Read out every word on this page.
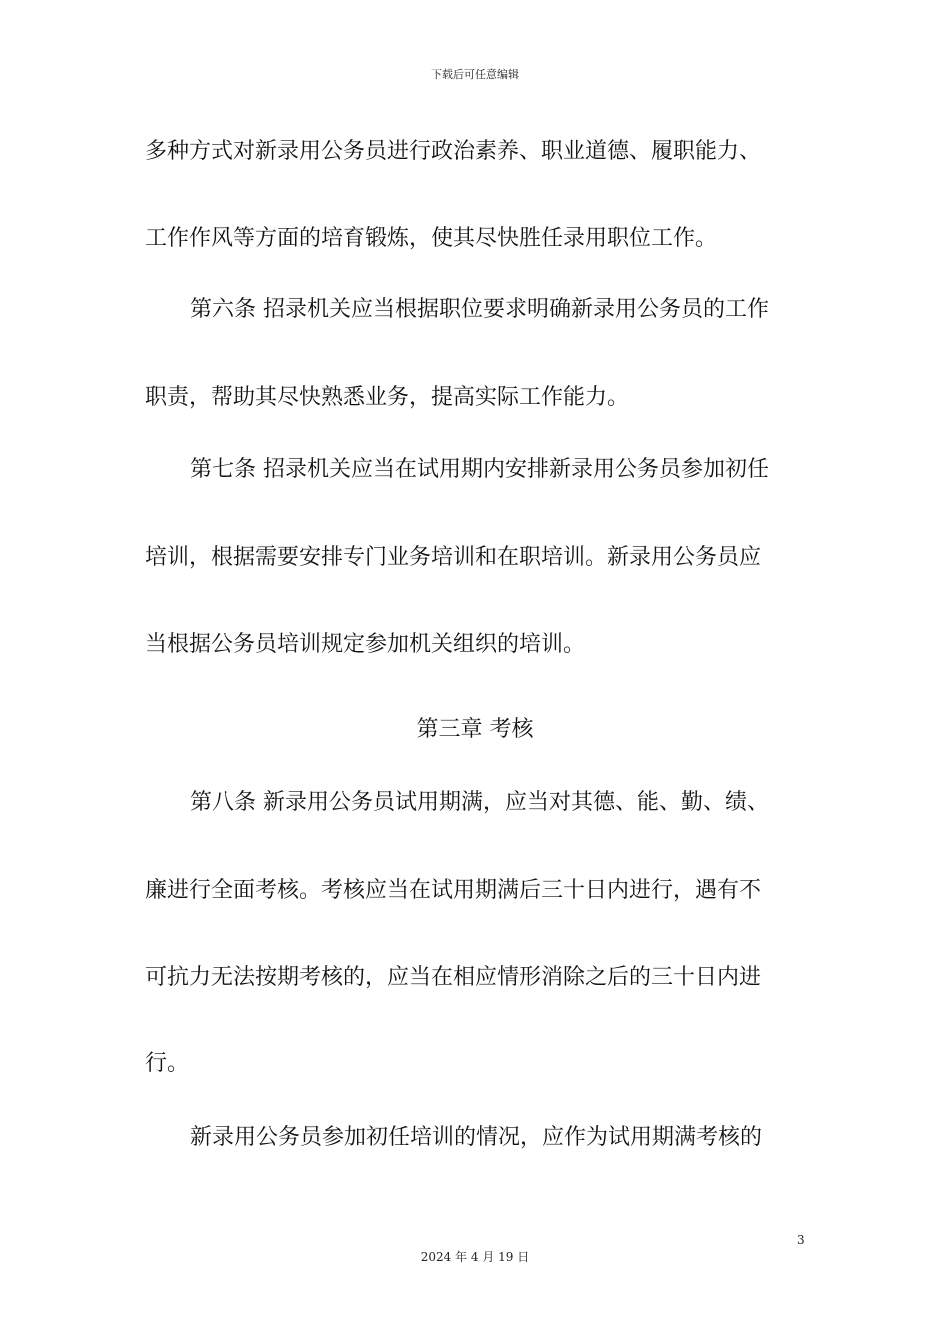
下载后可任意编辑
多种方式对新录用公务员进行政治素养、职业道德、履职能力、
工作作风等方面的培育锻炼，使其尽快胜任录用职位工作。
第六条 招录机关应当根据职位要求明确新录用公务员的工作
职责，帮助其尽快熟悉业务，提高实际工作能力。
第七条 招录机关应当在试用期内安排新录用公务员参加初任
培训，根据需要安排专门业务培训和在职培训。新录用公务员应
当根据公务员培训规定参加机关组织的培训。
第三章 考核
第八条 新录用公务员试用期满，应当对其德、能、勤、绩、
廉进行全面考核。考核应当在试用期满后三十日内进行，遇有不
可抗力无法按期考核的，应当在相应情形消除之后的三十日内进
行。
新录用公务员参加初任培训的情况，应作为试用期满考核的
3
2024 年 4 月 19 日
